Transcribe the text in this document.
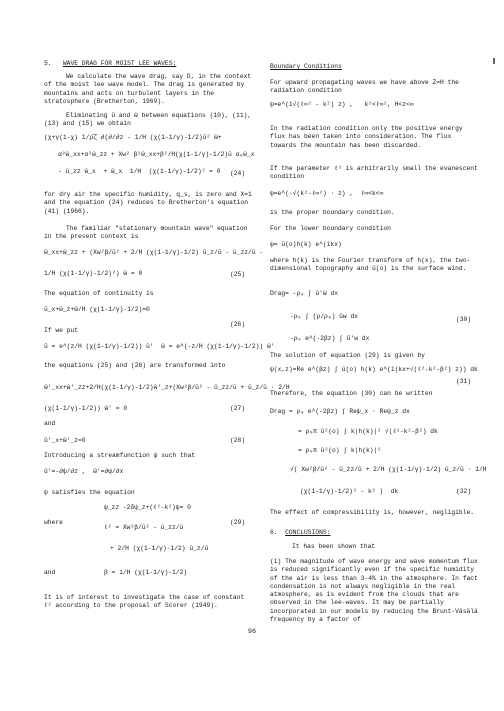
5. WAVE DRAG FOR MOIST LEE WAVES:
We calculate the wave drag, say D, in the context of the moist lee wave model. The drag is generated by mountains and acts on turbulent layers in the stratosphere (Bretherton, 1969).
Eliminating ũ and ŵ between equations (10), (11), (13) and (15) we obtain
(χ+γ(1-χ) 1/ρ̄ζ̄ ∂(∂/∂z - 1/H (χ(1-1/γ)-1/2)ũ² ŵ+
α²ŵ_xx+α²ŵ_zz + Xw² β²ŵ_xx+β²/H(χ(1-1/γ)-1/2)ū α₀ŵ_x
- ū_zz ŵ_x  + ŵ_x  1/H  (χ(1-1/γ)-1/2)² = 0 (24)
for dry air the specific humidity, q_s, is zero and X=1 and the equation (24) reduces to Bretherton's equation (41) (1966).
The familiar "stationary mountain wave" equation in the present context is
ŵ_xx+ŵ_zz + (Xw²β/ū² + 2/H (χ(1-1/γ)-1/2) ū_z/ū - ū_zz/ū -
1/H (χ(1-1/γ)-1/2)²) ŵ = 0	(25)
The equation of continuity is
ũ_x+ŵ_z+ŵ/H (χ(1-1/γ)-1/2)=0
(26)
If we put
ũ = e^(z/H (χ(1-1/γ)-1/2)) ũ'  ŵ = e^(-z/H (χ(1-1/γ)-1/2)) ŵ'
the equations (25) and (26) are transformed into
ŵ'_xx+ŵ'_zz+2/H(χ(1-1/γ)-1/2)ŵ'_z+(Xw²β/ū² - ū_zz/ū + ū_z/ū · 2/H
(χ(1-1/γ)-1/2)) ŵ' = 0	(27)
and
ũ'_x+ŵ'_z=0	(28)
Introducing a streamfunction ψ such that
ũ'=-∂ψ/∂z ,  ŵ'=∂ψ/∂x
ψ satisfies the equation
ψ_zz -2δψ_z+(ℓ²-k²)ψ= 0
where	(29)
ℓ² = Xw²β/ū² - ū_zz/ū
+ 2/H (χ(1-1/γ)-1/2) ū_z/ū
and	β = 1/H (χ(1-1/γ)-1/2)
It is of interest to investigate the case of constant ℓ² according to the proposal of Scorer (1949).
Boundary Conditions
For upward propagating waves we have above Z=H the radiation condition
ψ=e^(i√(ℓ∞² - k²) z) ,   k²<ℓ∞², H<z<∞
In the radiation condition only the positive energy flux has been taken into consideration. The flux towards the mountain has been discarded.
If the parameter ℓ² is arbitrarily small the evanescent condition
ψ=e^(-√(k²-ℓ∞²) · z) ,  ℓ∞<k<∞
is the proper boundary condition.
For the lower boundary condition
ψ= ū(o)h(k) e^(ikx)
where h(k) is the Fourier transform of h(x), the two-dimensional topography and ū(o) is the surface wind.
Drag= -ρ₀ ∫ ū'ŵ dx
-ρ₀ ∫ (ρ/ρ₀) ũw dx	(30)
-ρ₀ e^(-2βz) ∫ ũ'w dx
The solution of equation (29) is given by
ψ(x,z)=Re e^(βz) ∫ ū(o) h(k) e^(i(kx+√(ℓ²-k²-β²) z)) dk
(31)
Therefore, the equation (30) can be written
Drag = ρ₀ e^(-2βz) ∫ Reψ_x · Reψ_z dx
= ρ₀π ū²(o) ∫ k|h(k)|² √(ℓ²-k²-β²) dk
= ρ₀π ū²(o) ∫ k|h(k)|²
√( Xw²β/ū² - ū_zz/ū + 2/H (χ(1-1/γ)-1/2) ū_z/ū · 1/H
(χ(1-1/γ)-1/2)² - k² )  dk	(32)
The effect of compressibility is, however, negligible.
6. CONCLUSIONS:
It has been shown that
(i) The magnitude of wave energy and wave momentum flux is reduced significantly even if the specific humidity of the air is less than 3-4% in the atmosphere. In fact condensation is not always negligible in the real atmosphere, as is evident from the clouds that are observed in the lee-waves. It may be partially incorporated in our models by reducing the Brunt-Väsälä frequency by a factor of
96
